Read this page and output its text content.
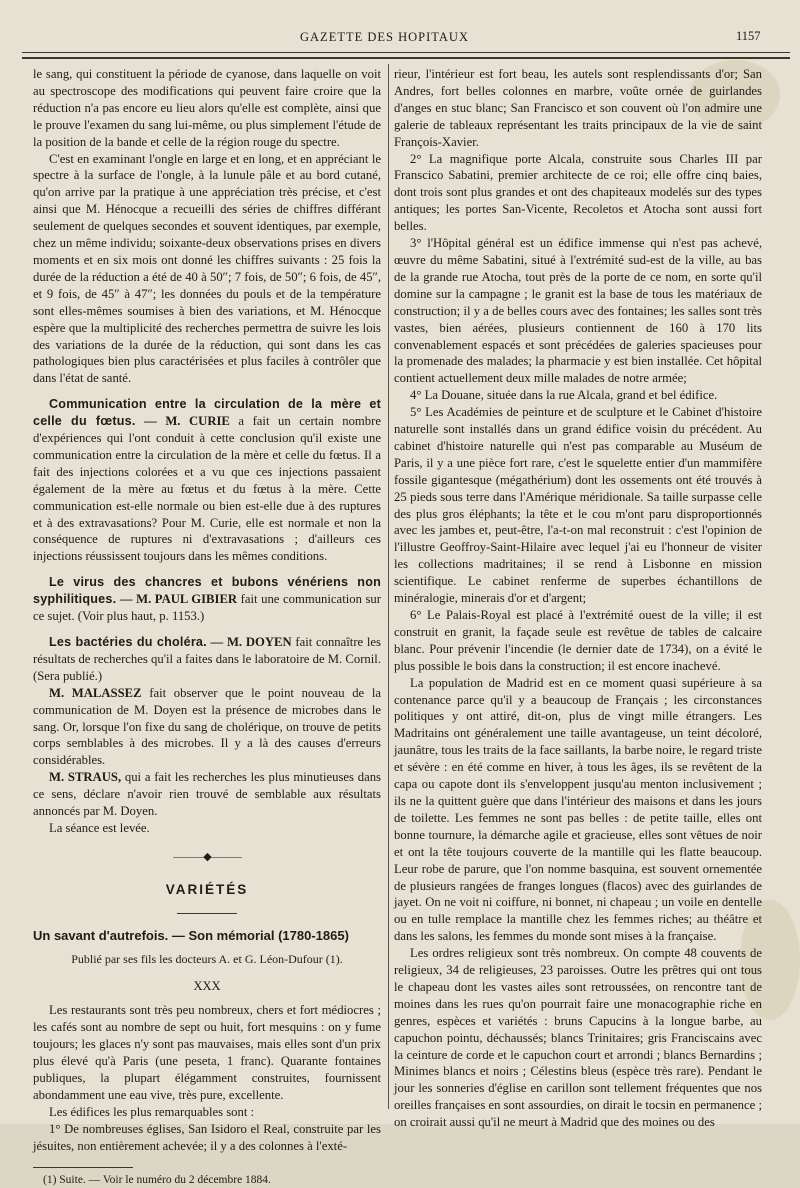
GAZETTE DES HOPITAUX	1157

le sang, qui constituent la période de cyanose, dans laquelle on voit au spectroscope des modifications qui peuvent faire croire que la réduction n'a pas encore eu lieu alors qu'elle est complète, ainsi que le prouve l'examen du sang lui-même, ou plus simplement l'étude de la position de la bande et celle de la région rouge du spectre.

C'est en examinant l'ongle en large et en long, et en appréciant le spectre à la surface de l'ongle, à la lunule pâle et au bord cutané, qu'on arrive par la pratique à une appréciation très précise, et c'est ainsi que M. Hénocque a recueilli des séries de chiffres différant seulement de quelques secondes et souvent identiques, par exemple, chez un même individu; soixante-deux observations prises en divers moments et en six mois ont donné les chiffres suivants : 25 fois la durée de la réduction a été de 40 à 50″; 7 fois, de 50″; 6 fois, de 45″, et 9 fois, de 45″ à 47″; les données du pouls et de la température sont elles-mêmes soumises à bien des variations, et M. Hénocque espère que la multiplicité des recherches permettra de suivre les lois des variations de la durée de la réduction, qui sont dans les cas pathologiques bien plus caractérisées et plus faciles à contrôler que dans l'état de santé.

Communication entre la circulation de la mère et celle du fœtus. — M. CURIE a fait un certain nombre d'expériences qui l'ont conduit à cette conclusion qu'il existe une communication entre la circulation de la mère et celle du fœtus. Il a fait des injections colorées et a vu que ces injections passaient également de la mère au fœtus et du fœtus à la mère. Cette communication est-elle normale ou bien est-elle due à des ruptures et à des extravasations? Pour M. Curie, elle est normale et non la conséquence de ruptures ni d'extravasations ; d'ailleurs ces injections réussissent toujours dans les mêmes conditions.

Le virus des chancres et bubons vénériens non syphilitiques. — M. PAUL GIBIER fait une communication sur ce sujet. (Voir plus haut, p. 1153.)

Les bactéries du choléra. — M. DOYEN fait connaître les résultats de recherches qu'il a faites dans le laboratoire de M. Cornil. (Sera publié.)

M. MALASSEZ fait observer que le point nouveau de la communication de M. Doyen est la présence de microbes dans le sang. Or, lorsque l'on fixe du sang de cholérique, on trouve de petits corps semblables à des microbes. Il y a là des causes d'erreurs considérables.

M. STRAUS, qui a fait les recherches les plus minutieuses dans ce sens, déclare n'avoir rien trouvé de semblable aux résultats annoncés par M. Doyen.

La séance est levée.

———◆———
VARIÉTÉS
Un savant d'autrefois. — Son mémorial (1780-1865)
Publié par ses fils les docteurs A. et G. Léon-Dufour (1).
XXX

Les restaurants sont très peu nombreux, chers et fort médiocres ; les cafés sont au nombre de sept ou huit, fort mesquins : on y fume toujours; les glaces n'y sont pas mauvaises, mais elles sont d'un prix plus élevé qu'à Paris (une peseta, 1 franc). Quarante fontaines publiques, la plupart élégamment construites, fournissent abondamment une eau vive, très pure, excellente.

Les édifices les plus remarquables sont :

1° De nombreuses églises, San Isidoro el Real, construite par les jésuites, non entièrement achevée; il y a des colonnes à l'exté-

(1) Suite. — Voir le numéro du 2 décembre 1884.

rieur, l'intérieur est fort beau, les autels sont resplendissants d'or; San Andres, fort belles colonnes en marbre, voûte ornée de guirlandes d'anges en stuc blanc; San Francisco et son couvent où l'on admire une galerie de tableaux représentant les traits principaux de la vie de saint François-Xavier.

2° La magnifique porte Alcala, construite sous Charles III par Franscico Sabatini, premier architecte de ce roi; elle offre cinq baies, dont trois sont plus grandes et ont des chapiteaux modelés sur des types antiques; les portes San-Vicente, Recoletos et Atocha sont aussi fort belles.

3° l'Hôpital général est un édifice immense qui n'est pas achevé, œuvre du même Sabatini, situé à l'extrémité sud-est de la ville, au bas de la grande rue Atocha, tout près de la porte de ce nom, en sorte qu'il domine sur la campagne ; le granit est la base de tous les matériaux de construction; il y a de belles cours avec des fontaines; les salles sont très vastes, bien aérées, plusieurs contiennent de 160 à 170 lits convenablement espacés et sont précédées de galeries spacieuses pour la promenade des malades; la pharmacie y est bien installée. Cet hôpital contient actuellement deux mille malades de notre armée;

4° La Douane, située dans la rue Alcala, grand et bel édifice.

5° Les Académies de peinture et de sculpture et le Cabinet d'histoire naturelle sont installés dans un grand édifice voisin du précédent. Au cabinet d'histoire naturelle qui n'est pas comparable au Muséum de Paris, il y a une pièce fort rare, c'est le squelette entier d'un mammifère fossile gigantesque (mégathérium) dont les ossements ont été trouvés à 25 pieds sous terre dans l'Amérique méridionale. Sa taille surpasse celle des plus gros éléphants; la tête et le cou m'ont paru disproportionnés avec les jambes et, peut-être, l'a-t-on mal reconstruit : c'est l'opinion de l'illustre Geoffroy-Saint-Hilaire avec lequel j'ai eu l'honneur de visiter les collections madritaines; il se rend à Lisbonne en mission scientifique. Le cabinet renferme de superbes échantillons de minéralogie, minerais d'or et d'argent;

6° Le Palais-Royal est placé à l'extrémité ouest de la ville; il est construit en granit, la façade seule est revêtue de tables de calcaire blanc. Pour prévenir l'incendie (le dernier date de 1734), on a évité le plus possible le bois dans la construction; il est encore inachevé.

La population de Madrid est en ce moment quasi supérieure à sa contenance parce qu'il y a beaucoup de Français ; les circonstances politiques y ont attiré, dit-on, plus de vingt mille étrangers. Les Madritains ont généralement une taille avantageuse, un teint décoloré, jaunâtre, tous les traits de la face saillants, la barbe noire, le regard triste et sévère : en été comme en hiver, à tous les âges, ils se revêtent de la capa ou capote dont ils s'enveloppent jusqu'au menton inclusivement ; ils ne la quittent guère que dans l'intérieur des maisons et dans les jours de toilette. Les femmes ne sont pas belles : de petite taille, elles ont bonne tournure, la démarche agile et gracieuse, elles sont vêtues de noir et ont la tête toujours couverte de la mantille qui les flatte beaucoup. Leur robe de parure, que l'on nomme basquina, est souvent ornementée de plusieurs rangées de franges longues (flacos) avec des guirlandes de jayet. On ne voit ni coiffure, ni bonnet, ni chapeau ; un voile en dentelle ou en tulle remplace la mantille chez les femmes riches; au théâtre et dans les salons, les femmes du monde sont mises à la française.

Les ordres religieux sont très nombreux. On compte 48 couvents de religieux, 34 de religieuses, 23 paroisses. Outre les prêtres qui ont tous le chapeau dont les vastes ailes sont retroussées, on rencontre tant de moines dans les rues qu'on pourrait faire une monacographie riche en genres, espèces et variétés : bruns Capucins à la longue barbe, au capuchon pointu, déchaussés; blancs Trinitaires; gris Franciscains avec la ceinture de corde et le capuchon court et arrondi ; blancs Bernardins ; Minimes blancs et noirs ; Célestins bleus (espèce très rare). Pendant le jour les sonneries d'église en carillon sont tellement fréquentes que nos oreilles françaises en sont assourdies, on dirait le tocsin en permanence ; on croirait aussi qu'il ne meurt à Madrid que des moines ou des
